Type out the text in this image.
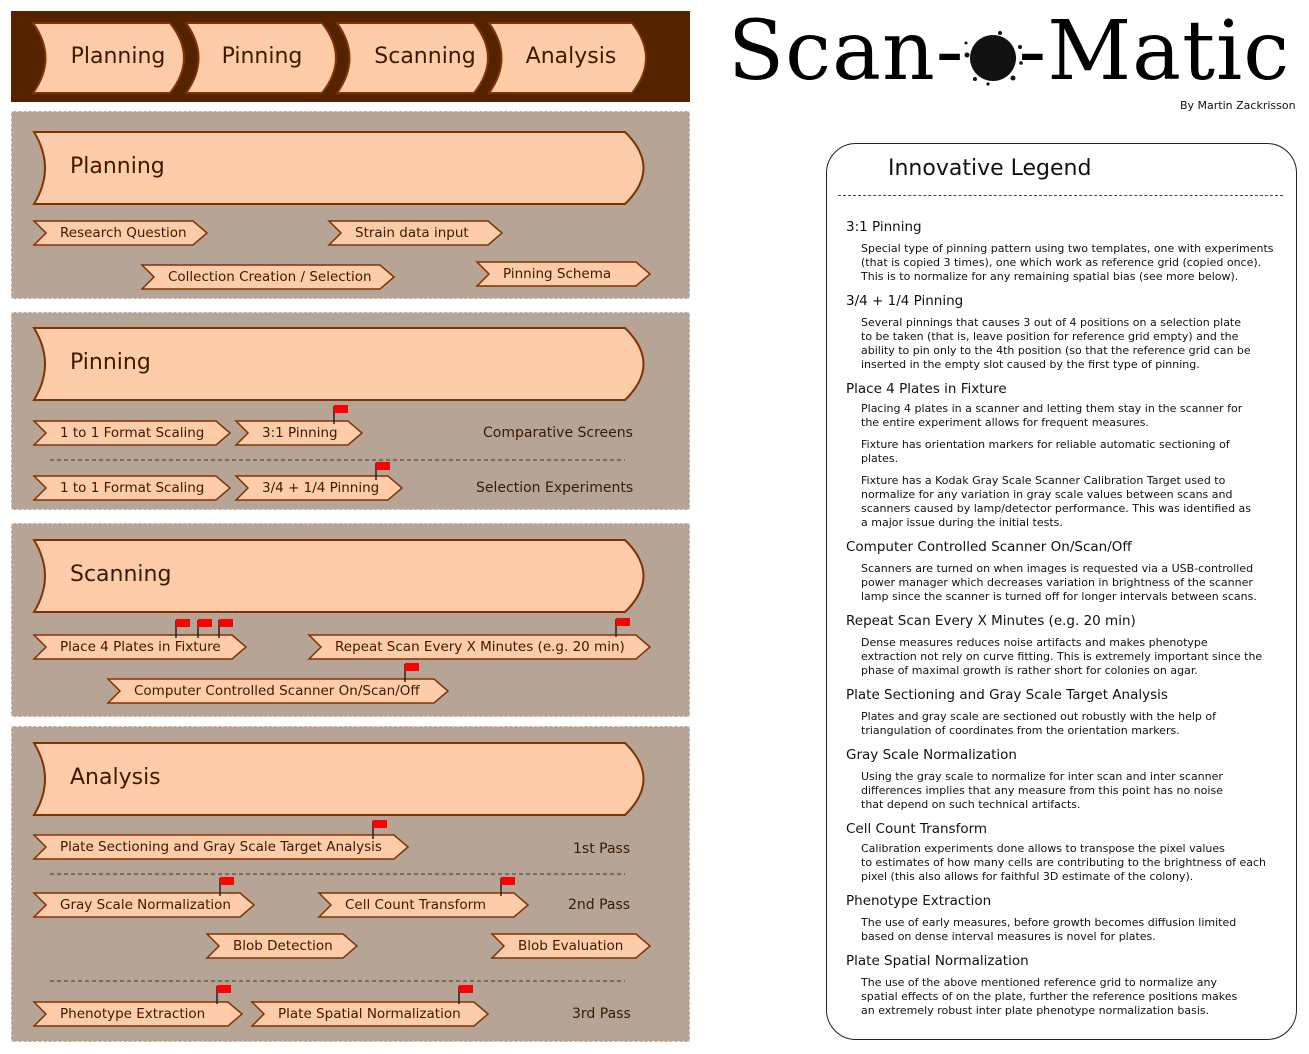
Planning	Pinning	Scanning	Analysis
Planning
Pinning
Scanning
Analysis
Research Question	Strain data input
Collection Creation / Selection	Pinning Schema
1 to 1 Format Scaling	3:1 Pinning	Comparative Screens
1 to 1 Format Scaling	3/4 + 1/4 Pinning	Selection Experiments
Place 4 Plates in Fixture	Repeat Scan Every X Minutes (e.g. 20 min)
Computer Controlled Scanner On/Scan/Off
Plate Sectioning and Gray Scale Target Analysis	1st Pass
Gray Scale Normalization	Cell Count Transform	2nd Pass
Blob Detection	Blob Evaluation
Phenotype Extraction	Plate Spatial Normalization	3rd Pass
Scan- -Matic
By Martin Zackrisson
Innovative Legend
3:1 Pinning
Special type of pinning pattern using two templates, one with experiments
(that is copied 3 times), one which work as reference grid (copied once).
This is to normalize for any remaining spatial bias (see more below).
3/4 + 1/4 Pinning
Several pinnings that causes 3 out of 4 positions on a selection plate
to be taken (that is, leave position for reference grid empty) and the
ability to pin only to the 4th position (so that the reference grid can be
inserted in the empty slot caused by the first type of pinning.
Place 4 Plates in Fixture
Placing 4 plates in a scanner and letting them stay in the scanner for
the entire experiment allows for frequent measures.
Fixture has orientation markers for reliable automatic sectioning of
plates.
Fixture has a Kodak Gray Scale Scanner Calibration Target used to
normalize for any variation in gray scale values between scans and
scanners caused by lamp/detector performance. This was identified as
a major issue during the initial tests.
Computer Controlled Scanner On/Scan/Off
Scanners are turned on when images is requested via a USB-controlled
power manager which decreases variation in brightness of the scanner
lamp since the scanner is turned off for longer intervals between scans.
Repeat Scan Every X Minutes (e.g. 20 min)
Dense measures reduces noise artifacts and makes phenotype
extraction not rely on curve fitting. This is extremely important since the
phase of maximal growth is rather short for colonies on agar.
Plate Sectioning and Gray Scale Target Analysis
Plates and gray scale are sectioned out robustly with the help of
triangulation of coordinates from the orientation markers.
Gray Scale Normalization
Using the gray scale to normalize for inter scan and inter scanner
differences implies that any measure from this point has no noise
that depend on such technical artifacts.
Cell Count Transform
Calibration experiments done allows to transpose the pixel values
to estimates of how many cells are contributing to the brightness of each
pixel (this also allows for faithful 3D estimate of the colony).
Phenotype Extraction
The use of early measures, before growth becomes diffusion limited
based on dense interval measures is novel for plates.
Plate Spatial Normalization
The use of the above mentioned reference grid to normalize any
spatial effects of on the plate, further the reference positions makes
an extremely robust inter plate phenotype normalization basis.
